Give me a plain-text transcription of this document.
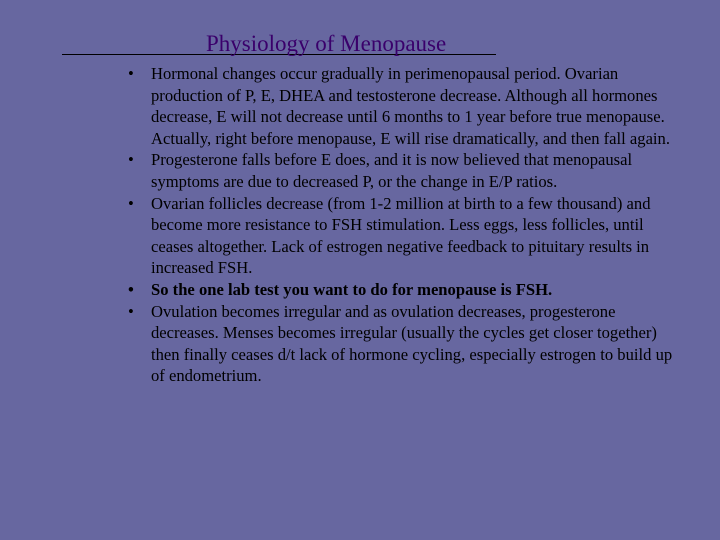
Physiology of Menopause
•	Hormonal changes occur gradually in perimenopausal period. Ovarian production of P, E, DHEA and testosterone decrease. Although all hormones decrease, E will not decrease until 6 months to 1 year before true menopause. Actually, right before menopause, E will rise dramatically, and then fall again.
•	Progesterone falls before E does, and it is now believed that menopausal symptoms are due to decreased P, or the change in E/P ratios.
•	Ovarian follicles decrease (from 1-2 million at birth to a few thousand) and become more resistance to FSH stimulation. Less eggs, less follicles, until ceases altogether. Lack of estrogen negative feedback to pituitary results in increased FSH.
•	So the one lab test you want to do for menopause is FSH.
•	Ovulation becomes irregular and as ovulation decreases, progesterone decreases. Menses becomes irregular (usually the cycles get closer together) then finally ceases d/t lack of hormone cycling, especially estrogen to build up of endometrium.
